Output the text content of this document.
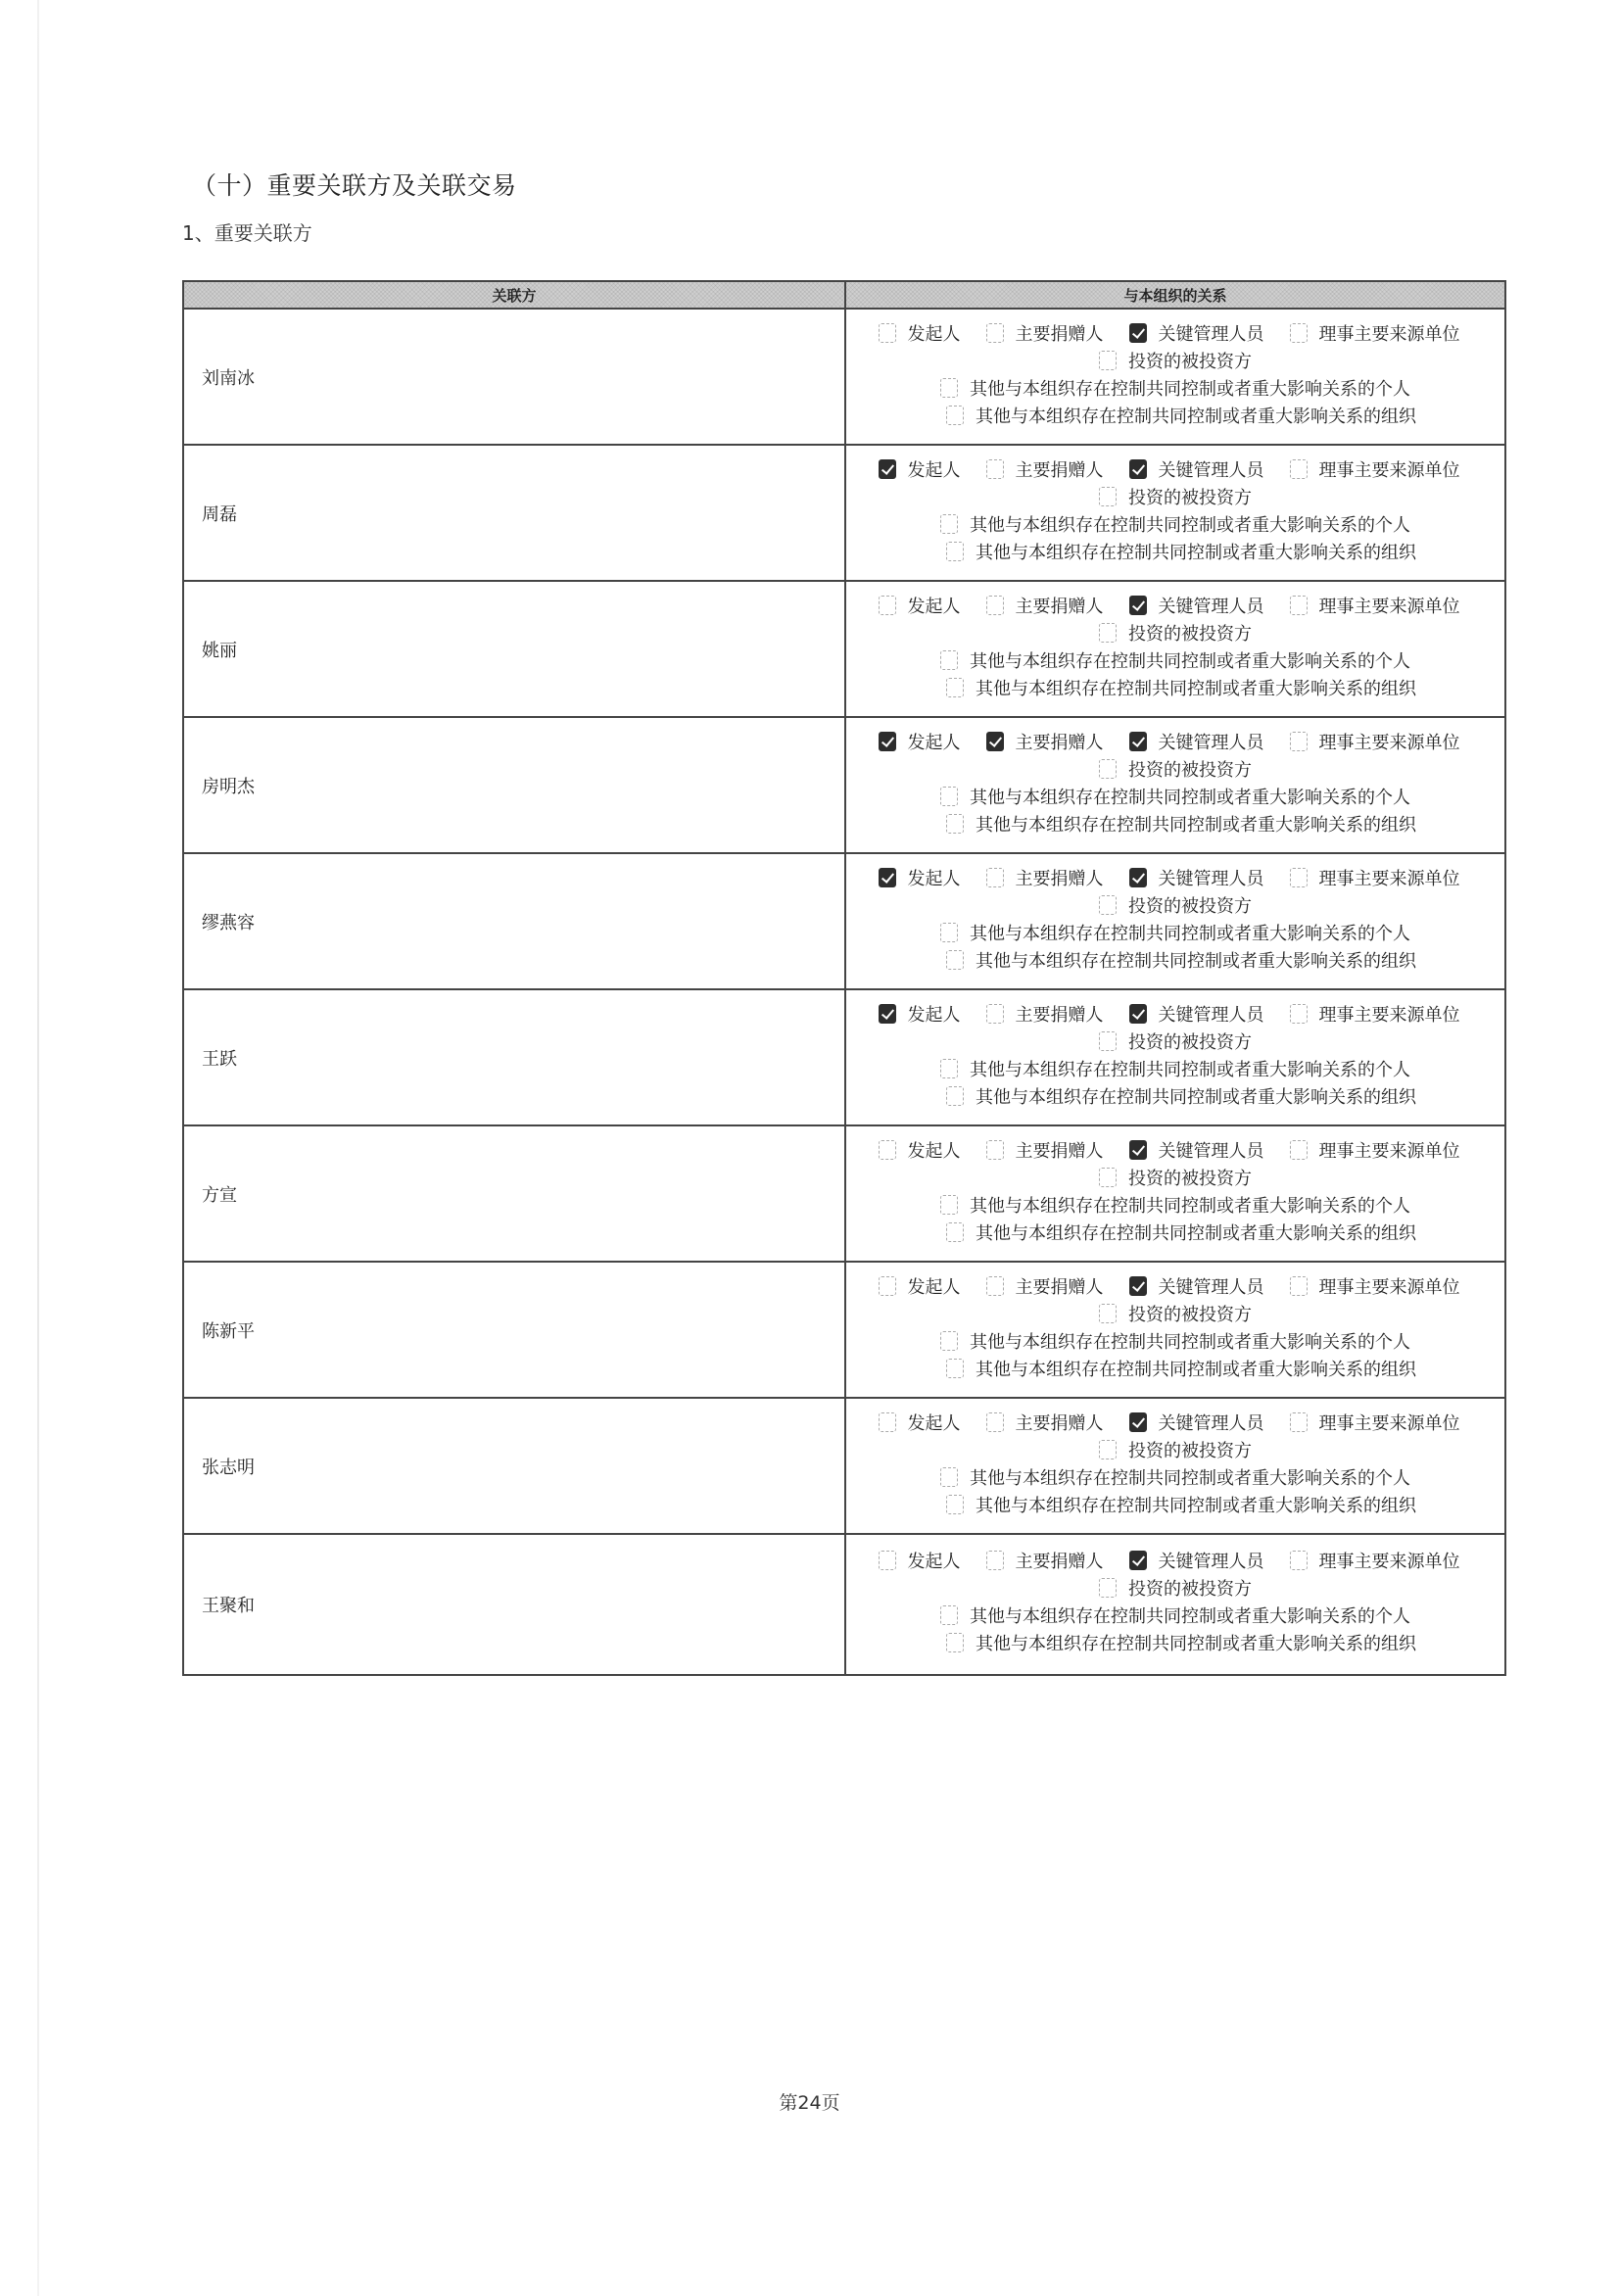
（十）重要关联方及关联交易
1、重要关联方
关联方	与本组织的关系
刘南冰
发起人	主要捐赠人	关键管理人员	理事主要来源单位
投资的被投资方
其他与本组织存在控制共同控制或者重大影响关系的个人
其他与本组织存在控制共同控制或者重大影响关系的组织
周磊
发起人	主要捐赠人	关键管理人员	理事主要来源单位
投资的被投资方
其他与本组织存在控制共同控制或者重大影响关系的个人
其他与本组织存在控制共同控制或者重大影响关系的组织
姚丽
发起人	主要捐赠人	关键管理人员	理事主要来源单位
投资的被投资方
其他与本组织存在控制共同控制或者重大影响关系的个人
其他与本组织存在控制共同控制或者重大影响关系的组织
房明杰
发起人	主要捐赠人	关键管理人员	理事主要来源单位
投资的被投资方
其他与本组织存在控制共同控制或者重大影响关系的个人
其他与本组织存在控制共同控制或者重大影响关系的组织
缪燕容
发起人	主要捐赠人	关键管理人员	理事主要来源单位
投资的被投资方
其他与本组织存在控制共同控制或者重大影响关系的个人
其他与本组织存在控制共同控制或者重大影响关系的组织
王跃
发起人	主要捐赠人	关键管理人员	理事主要来源单位
投资的被投资方
其他与本组织存在控制共同控制或者重大影响关系的个人
其他与本组织存在控制共同控制或者重大影响关系的组织
方宣
发起人	主要捐赠人	关键管理人员	理事主要来源单位
投资的被投资方
其他与本组织存在控制共同控制或者重大影响关系的个人
其他与本组织存在控制共同控制或者重大影响关系的组织
陈新平
发起人	主要捐赠人	关键管理人员	理事主要来源单位
投资的被投资方
其他与本组织存在控制共同控制或者重大影响关系的个人
其他与本组织存在控制共同控制或者重大影响关系的组织
张志明
发起人	主要捐赠人	关键管理人员	理事主要来源单位
投资的被投资方
其他与本组织存在控制共同控制或者重大影响关系的个人
其他与本组织存在控制共同控制或者重大影响关系的组织
王聚和
发起人	主要捐赠人	关键管理人员	理事主要来源单位
投资的被投资方
其他与本组织存在控制共同控制或者重大影响关系的个人
其他与本组织存在控制共同控制或者重大影响关系的组织
第24页
